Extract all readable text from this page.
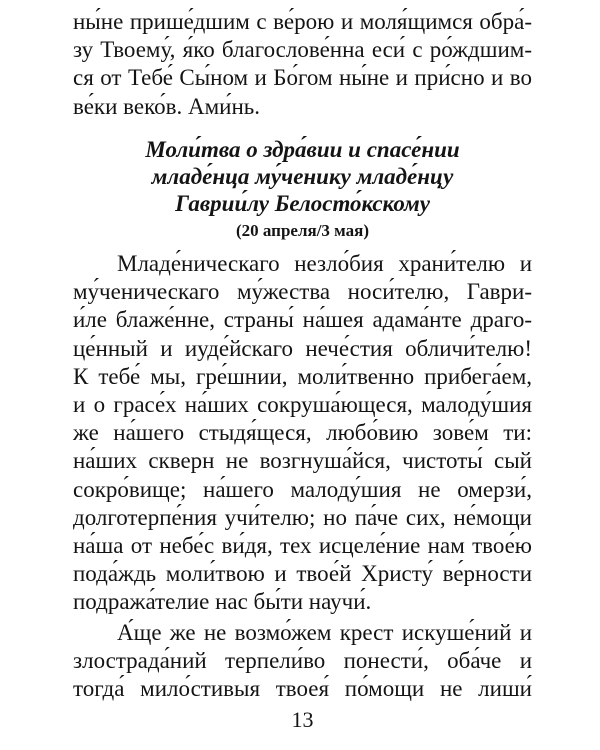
ны́не прише́дшим с ве́рою и моля́щимся обра́-
зу Твоему́, я́ко благослове́нна еси́ с ро́ждшим-
ся от Тебе́ Сы́ном и Бо́гом ны́не и при́сно и во
ве́ки веко́в. Ами́нь.
Моли́тва о здра́вии и спасе́нии
младе́нца му́ченику младе́нцу
Гаврии́лу Белосто́кскому
(20 апреля/3 мая)
Младе́ническаго незло́бия храни́телю и
му́ченическаго му́жества носи́телю, Гаври-
и́ле блаже́нне, страны́ на́шея адама́нте драго-
це́нный и иуде́йскаго нече́стия обличи́телю!
К тебе́ мы, гре́шнии, моли́твенно прибега́ем,
и о грасе́х на́ших сокруша́ющеся, малоду́шия
же на́шего стыдя́щеся, любо́вию зове́м ти:
на́ших скверн не возгнуша́йся, чистоты́ сый
сокро́вище; на́шего малоду́шия не омерзи́,
долготерпе́ния учи́телю; но па́че сих, не́мощи
на́ша от небе́с ви́дя, тех исцеле́ние нам твое́ю
пода́ждь моли́твою и твое́й Христу́ ве́рности
подража́телие нас бы́ти научи́.
А́ще же не возмо́жем крест искуше́ний и
злострада́ний терпели́во понести́, оба́че и
тогда́ мило́стивыя твоея́ по́мощи не лиши́
13
